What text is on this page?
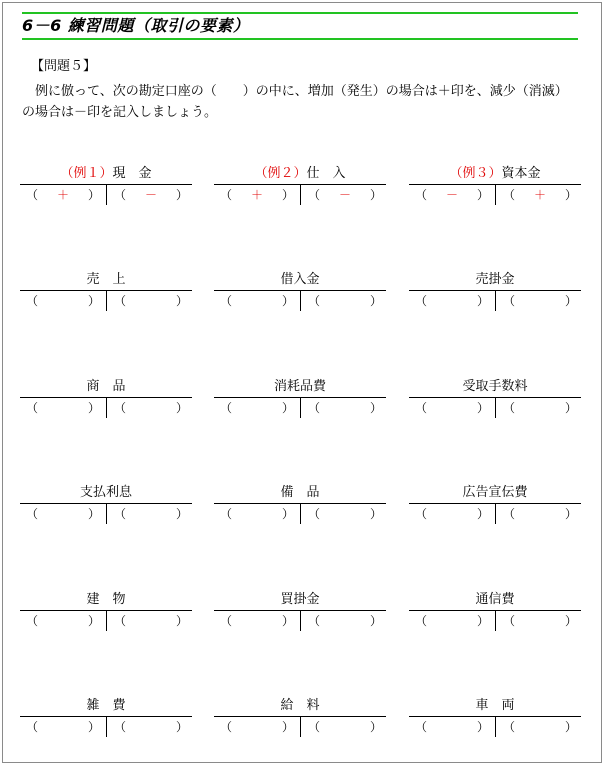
6－6 練習問題（取引の要素）
【問題５】
例に倣って、次の勘定口座の（　　）の中に、増加（発生）の場合は＋印を、減少（消滅）の場合は－印を記入しましょう。
（例１）現　金
（	＋	） （	－	）
（例２）仕　入
（	＋	） （	－	）
（例３）資本金
（	－	） （	＋	）
売　上
（	） （	）
借入金
（	） （	）
売掛金
（	） （	）
商　品
（	） （	）
消耗品費
（	） （	）
受取手数料
（	） （	）
支払利息
（	） （	）
備　品
（	） （	）
広告宣伝費
（	） （	）
建　物
（	） （	）
買掛金
（	） （	）
通信費
（	） （	）
雑　費
（	） （	）
給　料
（	） （	）
車　両
（	） （	）
